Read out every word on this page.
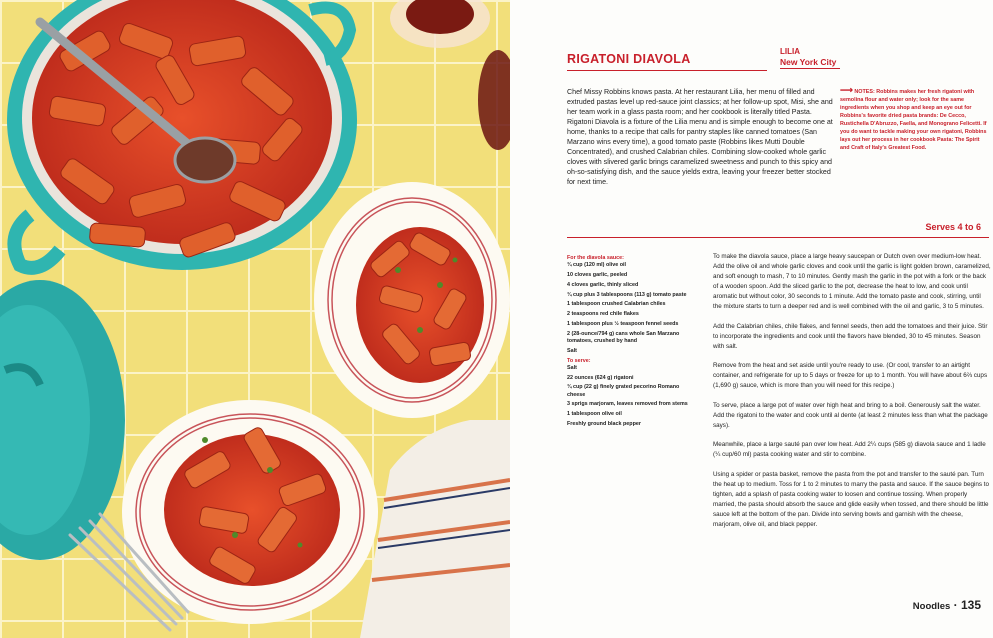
RIGATONI DIAVOLA
LILIA
New York City
Chef Missy Robbins knows pasta. At her restaurant Lilia, her menu of filled and extruded pastas level up red-sauce joint classics; at her follow-up spot, Misi, she and her team work in a glass pasta room; and her cookbook is literally titled Pasta. Rigatoni Diavola is a fixture of the Lilia menu and is simple enough to become one at home, thanks to a recipe that calls for pantry staples like canned tomatoes (San Marzano wins every time), a good tomato paste (Robbins likes Mutti Double Concentrated), and crushed Calabrian chiles. Combining slow-cooked whole garlic cloves with slivered garlic brings caramelized sweetness and punch to this spicy and oh-so-satisfying dish, and the sauce yields extra, leaving your freezer better stocked for next time.
⟶ NOTES: Robbins makes her fresh rigatoni with semolina flour and water only; look for the same ingredients when you shop and keep an eye out for Robbins's favorite dried pasta brands: De Cecco, Rustichella D'Abruzzo, Faella, and Monograno Felicetti. If you do want to tackle making your own rigatoni, Robbins lays out her process in her cookbook Pasta: The Spirit and Craft of Italy's Greatest Food.
Serves 4 to 6
For the diavola sauce:
¾ cup (120 ml) olive oil
10 cloves garlic, peeled
4 cloves garlic, thinly sliced
¾ cup plus 3 tablespoons (113 g) tomato paste
1 tablespoon crushed Calabrian chiles
2 teaspoons red chile flakes
1 tablespoon plus ½ teaspoon fennel seeds
2 (28-ounce/794 g) cans whole San Marzano tomatoes, crushed by hand
Salt
To serve:
Salt
22 ounces (624 g) rigatoni
¾ cup (22 g) finely grated pecorino Romano cheese
3 sprigs marjoram, leaves removed from stems
1 tablespoon olive oil
Freshly ground black pepper

To make the diavola sauce, place a large heavy saucepan or Dutch oven over medium-low heat. Add the olive oil and whole garlic cloves and cook until the garlic is light golden brown, caramelized, and soft enough to mash, 7 to 10 minutes. Gently mash the garlic in the pot with a fork or the back of a wooden spoon. Add the sliced garlic to the pot, decrease the heat to low, and cook until aromatic but without color, 30 seconds to 1 minute. Add the tomato paste and cook, stirring, until the mixture starts to turn a deeper red and is well combined with the oil and garlic, 3 to 5 minutes.

Add the Calabrian chiles, chile flakes, and fennel seeds, then add the tomatoes and their juice. Stir to incorporate the ingredients and cook until the flavors have blended, 30 to 45 minutes. Season with salt.

Remove from the heat and set aside until you're ready to use. (Or cool, transfer to an airtight container, and refrigerate for up to 5 days or freeze for up to 1 month. You will have about 6⅔ cups (1,690 g) sauce, which is more than you will need for this recipe.)

To serve, place a large pot of water over high heat and bring to a boil. Generously salt the water. Add the rigatoni to the water and cook until al dente (at least 2 minutes less than what the package says).

Meanwhile, place a large sauté pan over low heat. Add 2¼ cups (585 g) diavola sauce and 1 ladle (¼ cup/60 ml) pasta cooking water and stir to combine.

Using a spider or pasta basket, remove the pasta from the pot and transfer to the sauté pan. Turn the heat up to medium. Toss for 1 to 2 minutes to marry the pasta and sauce. If the sauce begins to tighten, add a splash of pasta cooking water to loosen and continue tossing. When properly married, the pasta should absorb the sauce and glide easily when tossed, and there should be little sauce left at the bottom of the pan. Divide into serving bowls and garnish with the cheese, marjoram, olive oil, and black pepper.

Noodles · 135
